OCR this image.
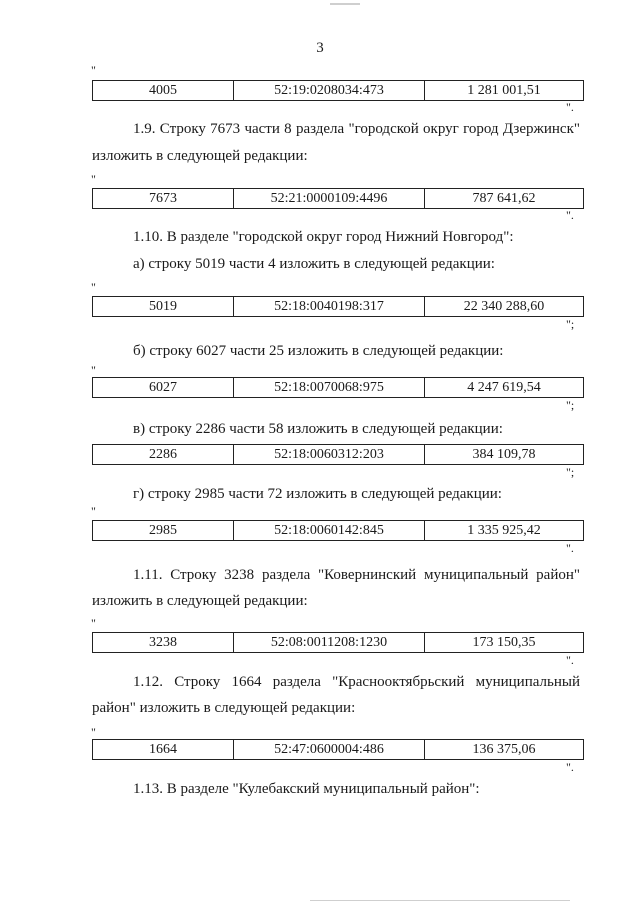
3
"
4005	52:19:0208034:473	1 281 001,51
".
1.9. Строку 7673 части 8 раздела "городской округ город Дзержинск"
изложить в следующей редакции:
"
7673	52:21:0000109:4496	787 641,62
".
1.10. В разделе "городской округ город Нижний Новгород":
а) строку 5019 части 4 изложить в следующей редакции:
"
5019	52:18:0040198:317	22 340 288,60
";
б) строку 6027 части 25 изложить в следующей редакции:
"
6027	52:18:0070068:975	4 247 619,54
";
в) строку 2286 части 58 изложить в следующей редакции:
2286	52:18:0060312:203	384 109,78
";
г) строку 2985 части 72 изложить в следующей редакции:
"
2985	52:18:0060142:845	1 335 925,42
".
1.11. Строку 3238 раздела "Ковернинский муниципальный район"
изложить в следующей редакции:
"
3238	52:08:0011208:1230	173 150,35
".
1.12. Строку 1664 раздела "Краснооктябрьский муниципальный
район" изложить в следующей редакции:
"
1664	52:47:0600004:486	136 375,06
".
1.13. В разделе "Кулебакский муниципальный район":
